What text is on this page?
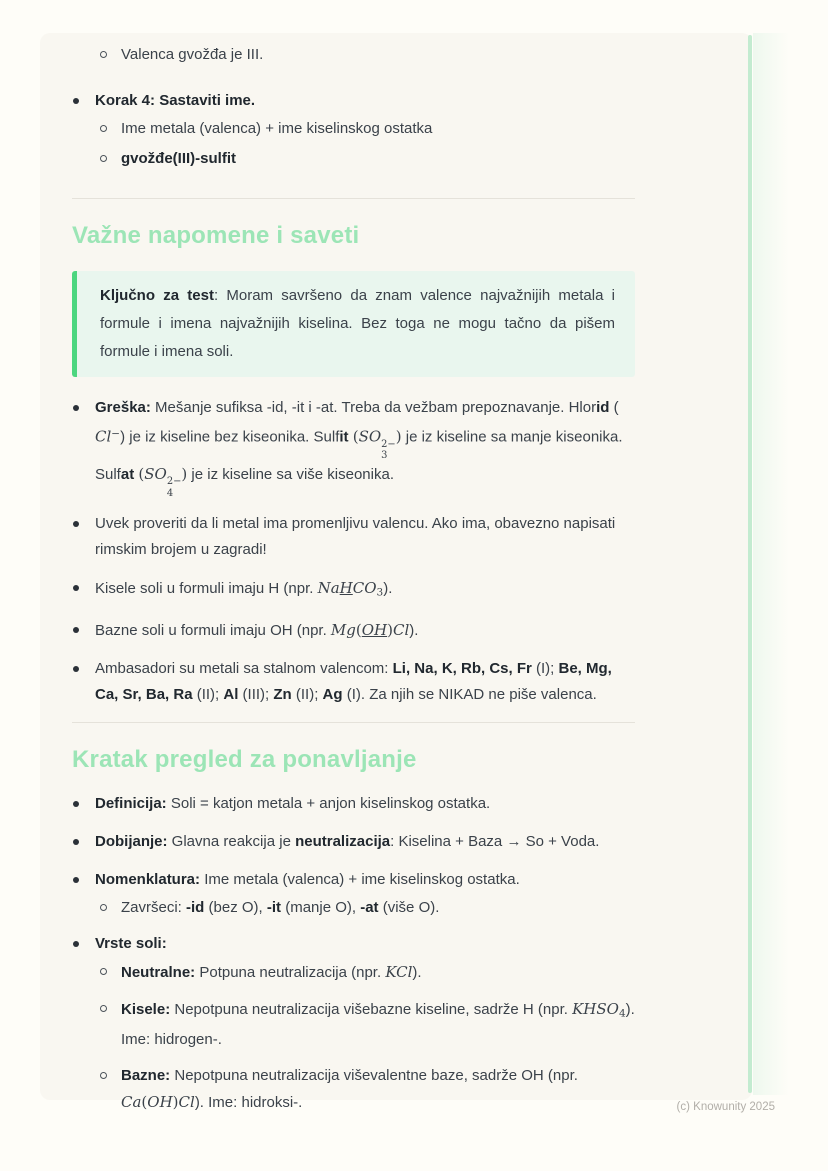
Valenca gvožđa je III.
Korak 4: Sastaviti ime.
Ime metala (valenca) + ime kiselinskog ostatka
gvožđe(III)-sulfit
Važne napomene i saveti
Ključno za test: Moram savršeno da znam valence najvažnijih metala i formule i imena najvažnijih kiselina. Bez toga ne mogu tačno da pišem formule i imena soli.
Greška: Mešanje sufiksa -id, -it i -at. Treba da vežbam prepoznavanje. Hlorid ( Cl−) je iz kiseline bez kiseonika. Sulfit (SO 2−
3
) je iz kiseline sa manje kiseonika. Sulfat (SO 2−
4
) je iz kiseline sa više kiseonika.
Uvek proveriti da li metal ima promenljivu valencu. Ako ima, obavezno napisati rimskim brojem u zagradi!
Kisele soli u formuli imaju H (npr. NaHCO$_3$).
Bazne soli u formuli imaju OH (npr. Mg(OH)Cl).
Ambasadori su metali sa stalnom valencom: Li, Na, K, Rb, Cs, Fr (I); Be, Mg, Ca, Sr, Ba, Ra (II); Al (III); Zn (II); Ag (I). Za njih se NIKAD ne piše valenca.
Kratak pregled za ponavljanje
Definicija: Soli = katjon metala + anjon kiselinskog ostatka.
Dobijanje: Glavna reakcija je neutralizacija: Kiselina + Baza → So + Voda.
Nomenklatura: Ime metala (valenca) + ime kiselinskog ostatka.
Završeci: -id (bez O), -it (manje O), -at (više O).
Vrste soli:
Neutralne: Potpuna neutralizacija (npr. KCl).
Kisele: Nepotpuna neutralizacija višebazne kiseline, sadrže H (npr. $KHSO_4$). Ime: hidrogen-.
Bazne: Nepotpuna neutralizacija viševalentne baze, sadrže OH (npr. Ca(OH)Cl). Ime: hidroksi-.	(c) Knowunity 2025
